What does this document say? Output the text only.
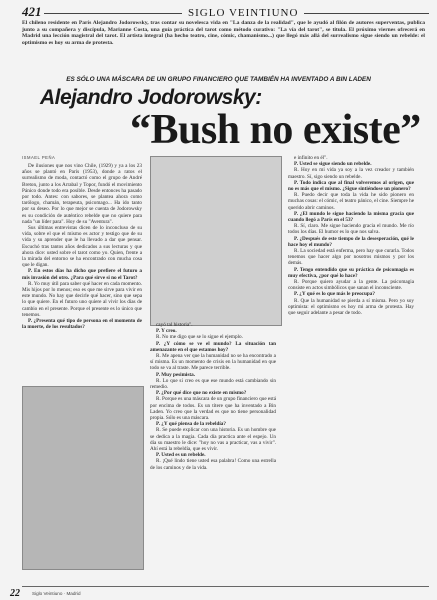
421	SIGLO VEINTIUNO
El chileno residente en París Alejandro Jodorowsky, tras contar su novelesca vida en "La danza de la realidad", que le ayudó al filón de autores superventas, publica junto a su compañera y discípula, Marianne Costa, una guía práctica del tarot como método curativo: "La vía del tarot", se titula. El próximo viernes ofrecerá en Madrid una lección magistral del tarot. El artista integral (ha hecho teatro, cine, cómic, chamanismo...) que llegó más allá del surrealismo sigue siendo un rebelde: el optimismo es hoy su arma de protesta.
ES SÓLO UNA MÁSCARA DE UN GRUPO FINANCIERO QUE TAMBIÉN HA INVENTADO A BIN LADEN
Alejandro Jodorowsky:
“Bush no existe”
ISMAEL PEÑA

De ilusiones que nos vino Chile, (1929) y ya a los 23 años se plantó en París (1953), donde a ratos el surrealismo de moda, contactó como el grupo de André Breton, junto a los Arrabal y Topor, fundó el movimiento Pánico donde todo era posible. Desde entonces ha pasado por todo. Antes: con sabores, se plantea ahora como tarólogo, chamán, terapeuta, psicomago... Ha ido tanto por su deseo. Por lo que mejor se cuenta de Jodorowsky es su condición de auténtico rebelde que no quiere para nada "un líder para". Hoy de su "Aventura".

Sus últimas entrevistas dicen de lo inconcluso de su vida, sobre el que el mismo es actor y testigo que de su vida y su aprender que le ha llevado a dar que pensar. Escuchó tras tantos años dedicados a sus lecturas y que ahora dice: usted sobre el tarot como yo. Quien, frente a la mirada del entorno se ha encontrado con mucha cosa que le digan.

P. En estos días ha dicho que prefiere el futuro a mis invasión del otro. ¿Para qué sirve si no el Tarot?

R. Yo muy útil para saber qué hacer en cada momento. Mis hijos por lo menos; eso es que me sirve para vivir en este mundo. No hay que decirle qué hacer, sino que sepa lo que quiere. En el futuro uno quiere al vivir los días de cambio en el presente. Porque el presente es lo único que tenemos.

P. ¿Presenta qué tipo de persona en el momento de la muerte, de los resultados?	cayó tal historia".

P. Y creo.

R. No me digo que se lo sigue el ejemplo.

P. ¿Y cómo se ve el mundo? La situación tan amenazante en el que estamos hoy?

R. Me apena ver que la humanidad no se ha encontrado a sí misma. Es un momento de crisis en la humanidad en que todo se va al traste. Me parece terrible.

P. Muy pesimista.

R. Lo que sí creo es que ese mundo está cambiando sin remedio.

P. ¿Por qué dice que no existe en mismo?

R. Porque es una máscara de un grupo financiero que está por encima de todos. Es un títere que ha inventado a Bin Laden. Yo creo que la verdad es que no tiene personalidad propia. Sólo es una máscara.

P. ¿Y qué piensa de la rebeldía?

R. Se puede explicar con una historia. Es un hombre que se dedica a la magia. Cada día practica ante el espejo. Un día su maestro le dice: "hoy no vas a practicar, vas a vivir". Ahí está la rebeldía, que es vivir.

P. Usted es un rebelde.

R. ¡Qué lindo tiene usted esa palabra! Como una estrella de los caminos y de la vida.

e infinito en él".

P. Usted se sigue siendo un rebelde.

R. Hoy en mi vida ya soy a la vez creador y también maestro. Sí, sigo siendo un rebelde.

P. Todo indica que al final volveremos al origen, que no es más que el mismo. ¿Sigue sintiéndose un pionero?

R. Puedo decir que toda la vida he sido pionero en muchas cosas: el cómic, el teatro pánico, el cine. Siempre he querido abrir caminos.

P. ¿El mundo le sigue haciendo la misma gracia que cuando llegó a París en el 53?

R. Sí, claro. Me sigue haciendo gracia el mundo. Me río todos los días. El humor es lo que nos salva.

P. ¿Después de este tiempo de la desesperación, qué le hace hoy el mundo?

R. La sociedad está enferma, pero hay que curarla. Todos tenemos que hacer algo por nosotros mismos y por los demás.

P. Tengo entendido que su práctica de psicomagia es muy efectiva, ¿por qué lo hace?

R. Porque quiero ayudar a la gente. La psicomagia consiste en actos simbólicos que sanan el inconsciente.

P. ¿Y qué es lo que más le preocupa?

R. Que la humanidad se pierda a sí misma. Pero yo soy optimista: el optimismo es hoy mi arma de protesta. Hay que seguir adelante a pesar de todo.

22	Siglo Veintiuno · Madrid
